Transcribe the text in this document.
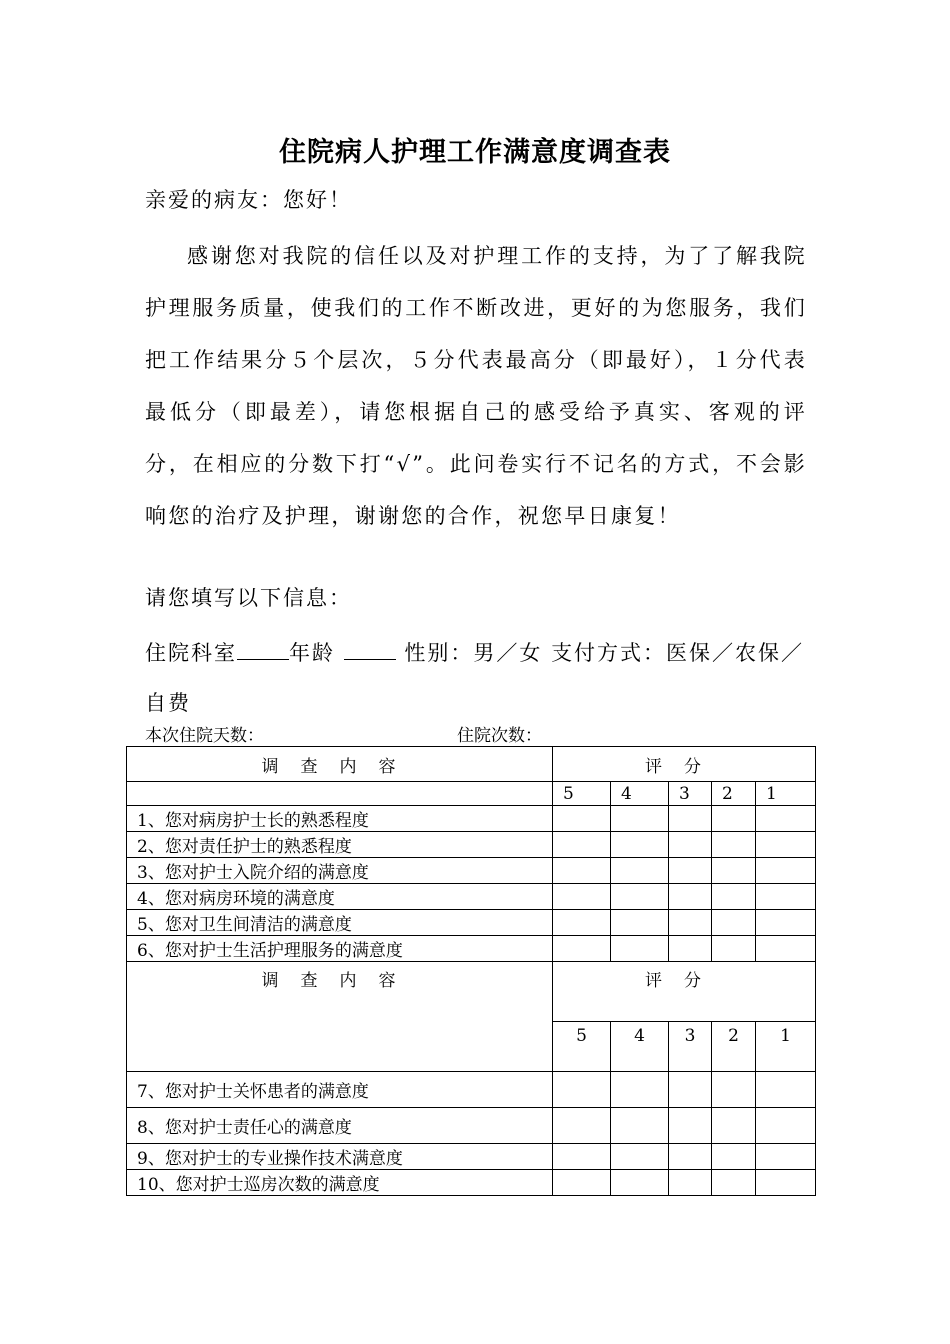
住院病人护理工作满意度调查表
亲爱的病友：您好！
感谢您对我院的信任以及对护理工作的支持，为了了解我院护理服务质量，使我们的工作不断改进，更好的为您服务，我们把工作结果分５个层次，５分代表最高分（即最好），１分代表最低分（即最差），请您根据自己的感受给予真实、客观的评分，在相应的分数下打“√”。此问卷实行不记名的方式，不会影响您的治疗及护理，谢谢您的合作，祝您早日康复！
请您填写以下信息：
住院科室 年龄	性别：男／女 支付方式：医保／农保／自费
本次住院天数：	住院次数：
调查内容	评分				
	5	4	3	2	1
1、您对病房护士长的熟悉程度					
2、您对责任护士的熟悉程度					
3、您对护士入院介绍的满意度					
4、您对病房环境的满意度					
5、您对卫生间清洁的满意度					
6、您对护士生活护理服务的满意度					
调查内容	评分				
	5	4	3	2	1
7、您对护士关怀患者的满意度					
8、您对护士责任心的满意度					
9、您对护士的专业操作技术满意度					
10、您对护士巡房次数的满意度					
